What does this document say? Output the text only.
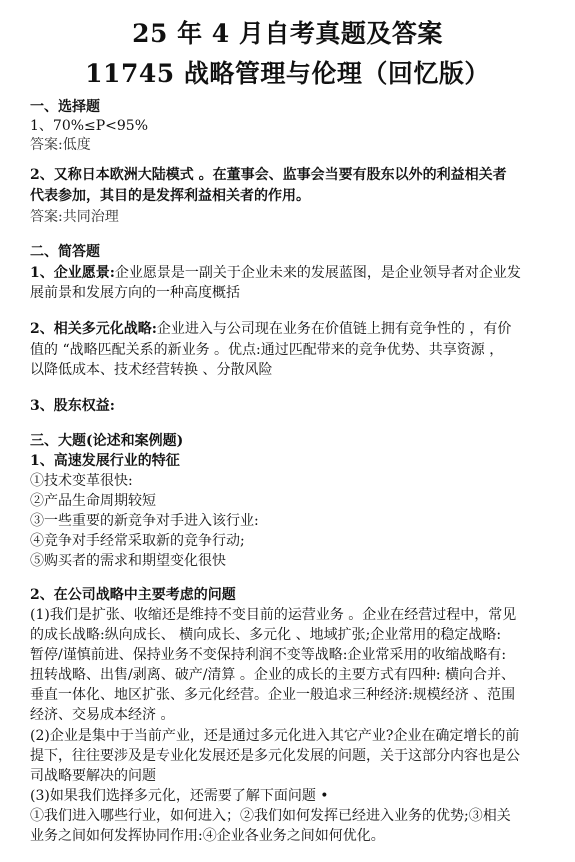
25 年 4 月自考真题及答案
11745 战略管理与伦理（回忆版）
一、选择题
1、70%≤P<95%
答案:低度
2、又称日本欧洲大陆模式 。在董事会、监事会当要有股东以外的利益相关者
代表参加，其目的是发挥利益相关者的作用。
答案:共同治理
二、简答题
1、企业愿景:企业愿景是一副关于企业未来的发展蓝图，是企业领导者对企业发
展前景和发展方向的一种高度概括
2、相关多元化战略:企业进入与公司现在业务在价值链上拥有竞争性的 ，有价
值的 “战略匹配关系的新业务 。优点:通过匹配带来的竞争优势、共享资源 ，
以降低成本、技术经营转换 、分散风险
3、股东权益:
三、大题(论述和案例题)
1、高速发展行业的特征
①技术变革很快:
②产品生命周期较短
③一些重要的新竞争对手进入该行业:
④竞争对手经常采取新的竞争行动;
⑤购买者的需求和期望变化很快
2、在公司战略中主要考虑的问题
(1)我们是扩张、收缩还是维持不变目前的运营业务 。企业在经营过程中，常见
的成长战略:纵向成长、 横向成长、多元化 、地域扩张;企业常用的稳定战略:
暂停/谨慎前进、保持业务不变保持利润不变等战略:企业常采用的收缩战略有:
扭转战略、出售/剥离、破产/清算 。企业的成长的主要方式有四种: 横向合并、
垂直一体化、地区扩张、多元化经营。企业一般追求三种经济:规模经济 、范围
经济、交易成本经济 。
(2)企业是集中于当前产业，还是通过多元化进入其它产业?企业在确定增长的前
提下，往往要涉及是专业化发展还是多元化发展的问题，关于这部分内容也是公
司战略要解决的问题
(3)如果我们选择多元化，还需要了解下面问题 •
①我们进入哪些行业，如何进入；②我们如何发挥已经进入业务的优势;③相关
业务之间如何发挥协同作用:④企业各业务之间如何优化。
